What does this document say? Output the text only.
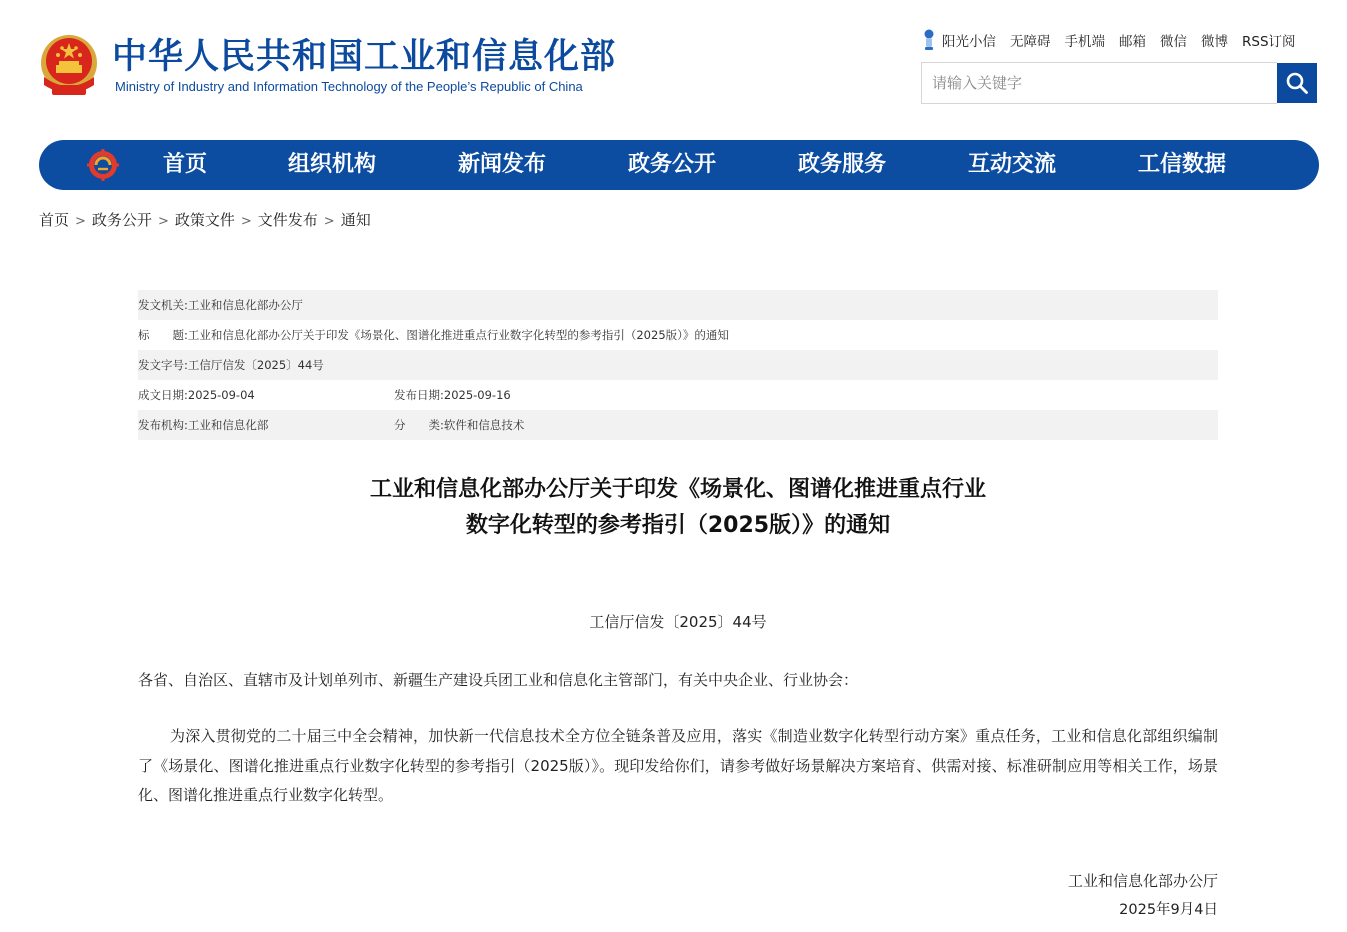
中华人民共和国工业和信息化部
Ministry of Industry and Information Technology of the People’s Republic of China
阳光小信 无障碍 手机端 邮箱 微信 微博 RSS订阅
请输入关键字
首页	组织机构	新闻发布	政务公开	政务服务	互动交流	工信数据
首页 > 政务公开 > 政策文件 > 文件发布 > 通知
发文机关:工业和信息化部办公厅
标　　题:工业和信息化部办公厅关于印发《场景化、图谱化推进重点行业数字化转型的参考指引（2025版）》的通知
发文字号:工信厅信发〔2025〕44号
成文日期:2025-09-04	发布日期:2025-09-16
发布机构:工业和信息化部	分　　类:软件和信息技术
工业和信息化部办公厅关于印发《场景化、图谱化推进重点行业
数字化转型的参考指引（2025版）》的通知
工信厅信发〔2025〕44号
各省、自治区、直辖市及计划单列市、新疆生产建设兵团工业和信息化主管部门，有关中央企业、行业协会：
为深入贯彻党的二十届三中全会精神，加快新一代信息技术全方位全链条普及应用，落实《制造业数字化转型行动方案》重点任务，工业和信息化部组织编制了《场景化、图谱化推进重点行业数字化转型的参考指引（2025版）》。现印发给你们，请参考做好场景解决方案培育、供需对接、标准研制应用等相关工作，场景化、图谱化推进重点行业数字化转型。
工业和信息化部办公厅
2025年9月4日
